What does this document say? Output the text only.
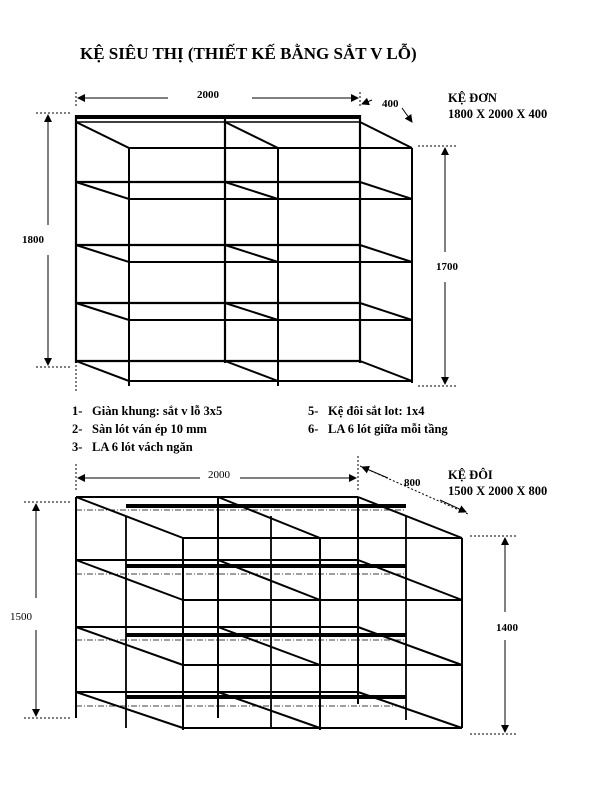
KỆ SIÊU THỊ (THIẾT KẾ BẰNG SẮT V LỖ)
KỆ ĐƠN
1800 X 2000 X 400
KỆ ĐÔI
1500 X 2000 X 800
1- Giàn khung: sắt v lỗ 3x5
2- Sàn lót ván ép 10 mm
3- LA 6 lót vách ngăn
5- Kệ đôi sắt lot: 1x4
6- LA 6 lót giữa mỗi tầng
2000
400
1800
1700
2000
800
1500
1400
